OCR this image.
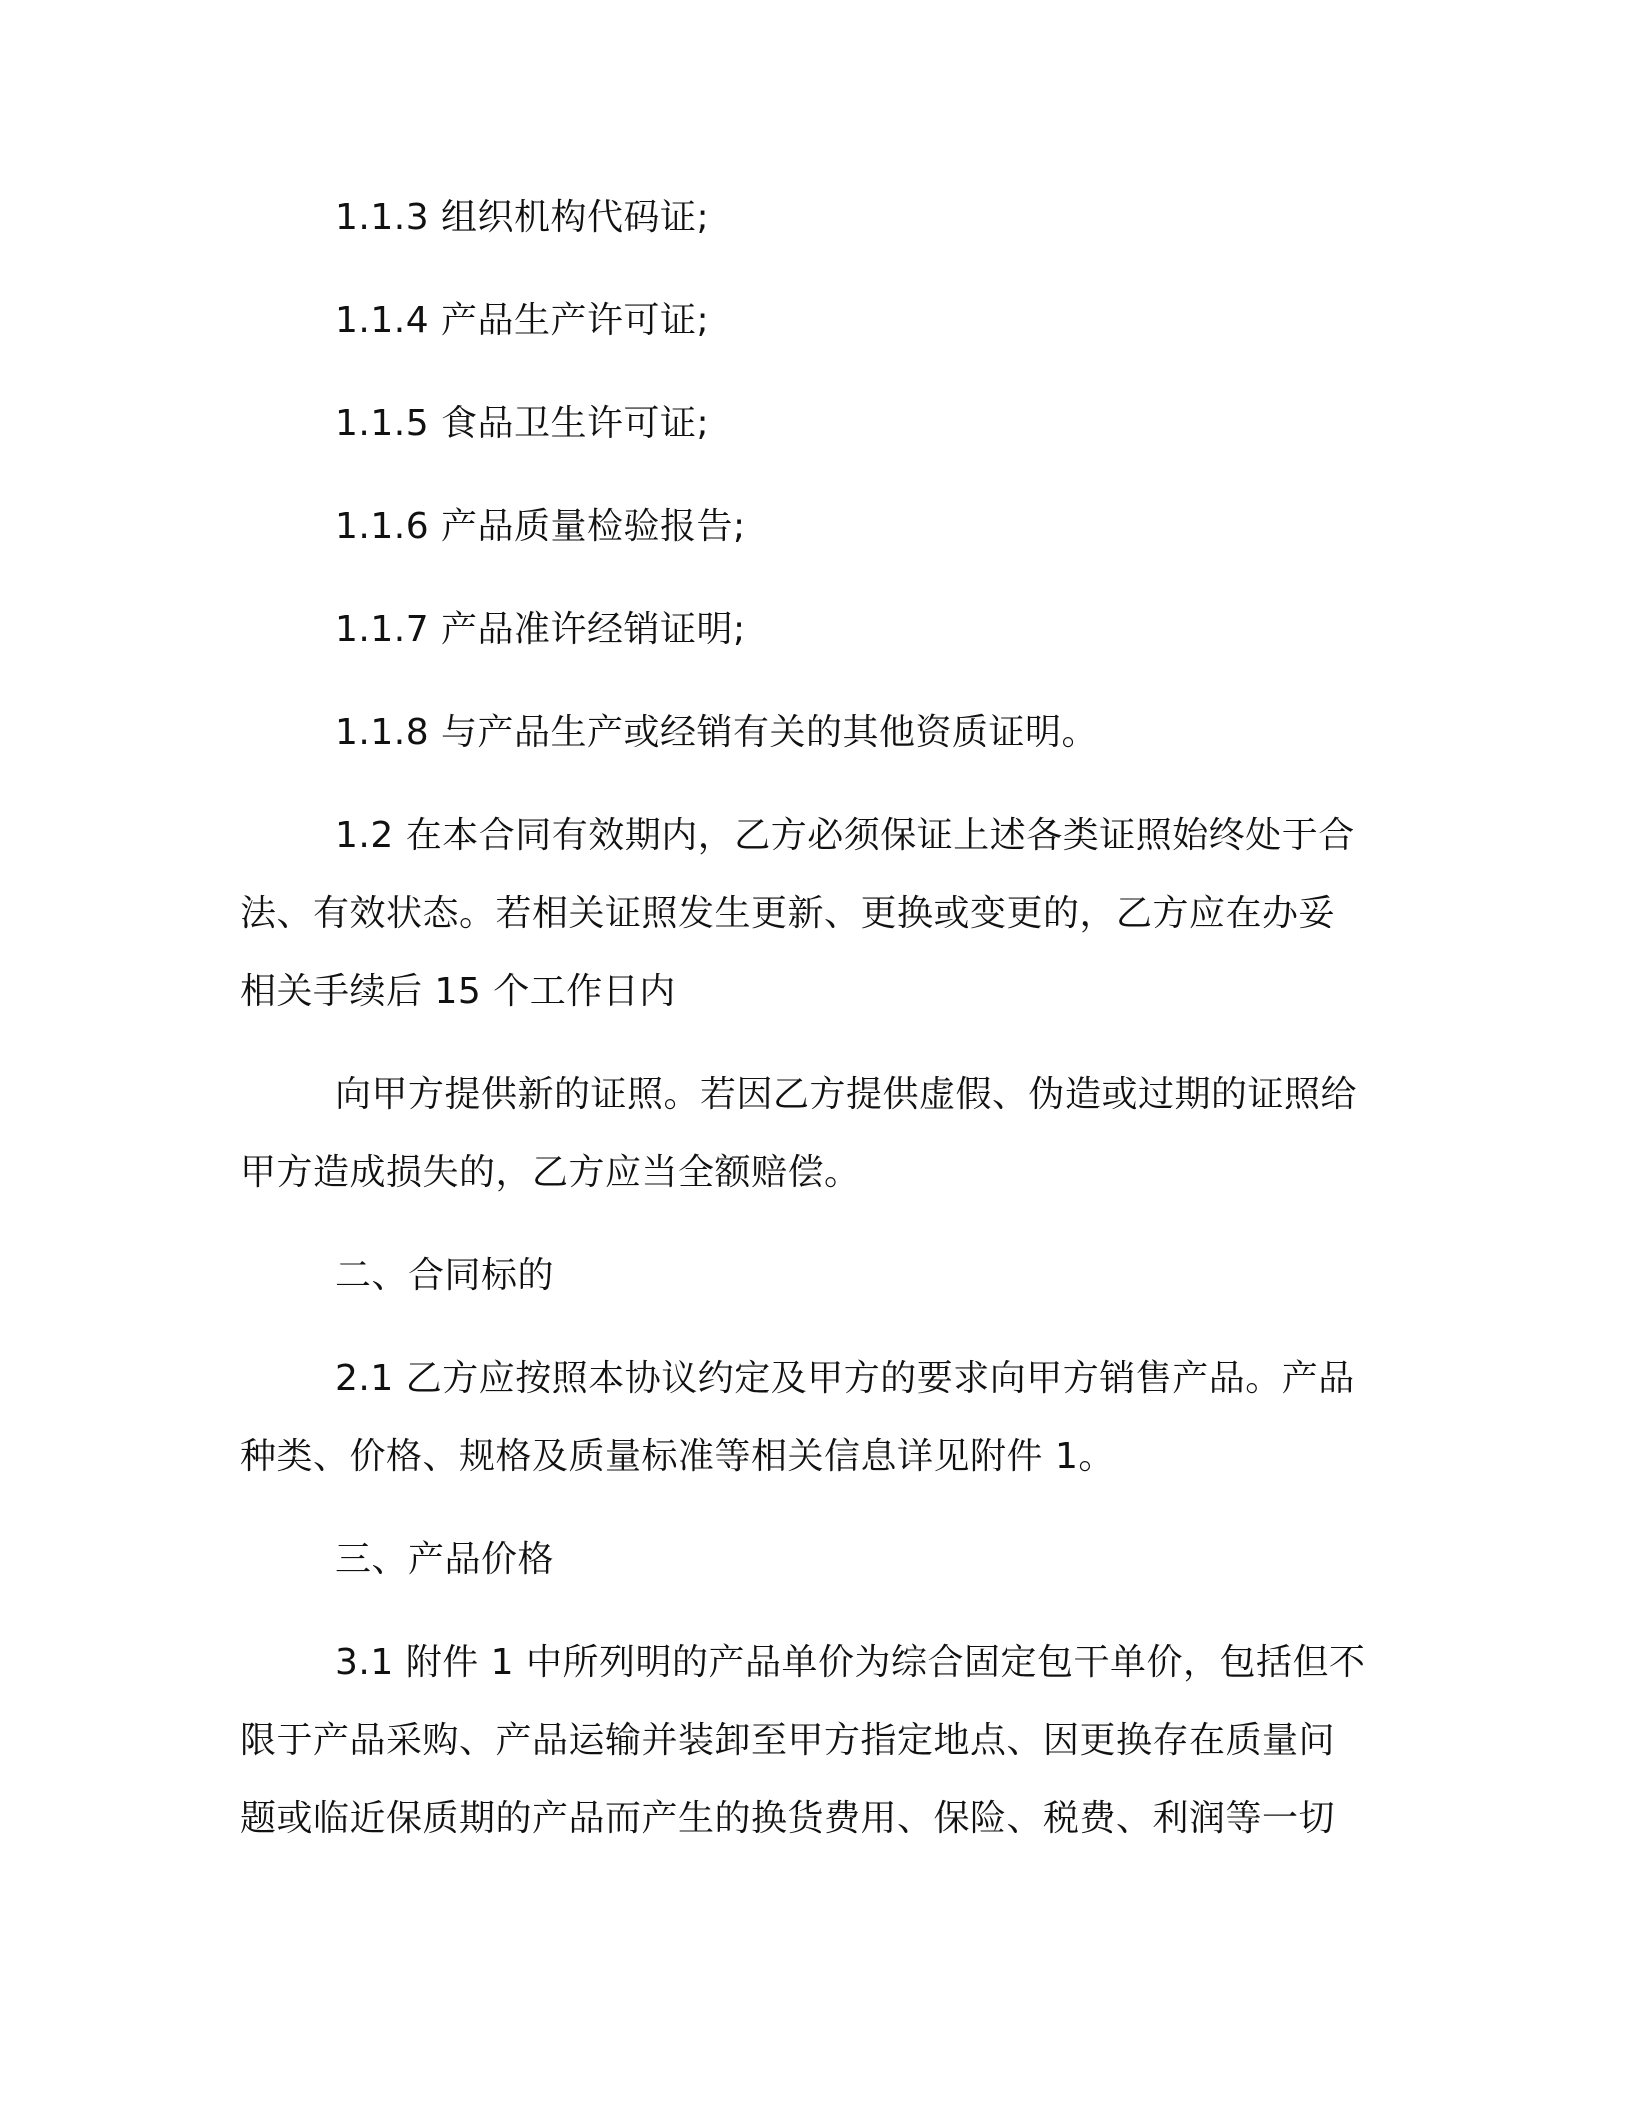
1.1.3 组织机构代码证;
1.1.4 产品生产许可证;
1.1.5 食品卫生许可证;
1.1.6 产品质量检验报告;
1.1.7 产品准许经销证明;
1.1.8 与产品生产或经销有关的其他资质证明。
1.2 在本合同有效期内，乙方必须保证上述各类证照始终处于合
法、有效状态。若相关证照发生更新、更换或变更的，乙方应在办妥
相关手续后 15 个工作日内
向甲方提供新的证照。若因乙方提供虚假、伪造或过期的证照给
甲方造成损失的，乙方应当全额赔偿。
二、合同标的
2.1 乙方应按照本协议约定及甲方的要求向甲方销售产品。产品
种类、价格、规格及质量标准等相关信息详见附件 1。
三、产品价格
3.1 附件 1 中所列明的产品单价为综合固定包干单价，包括但不
限于产品采购、产品运输并装卸至甲方指定地点、因更换存在质量问
题或临近保质期的产品而产生的换货费用、保险、税费、利润等一切
